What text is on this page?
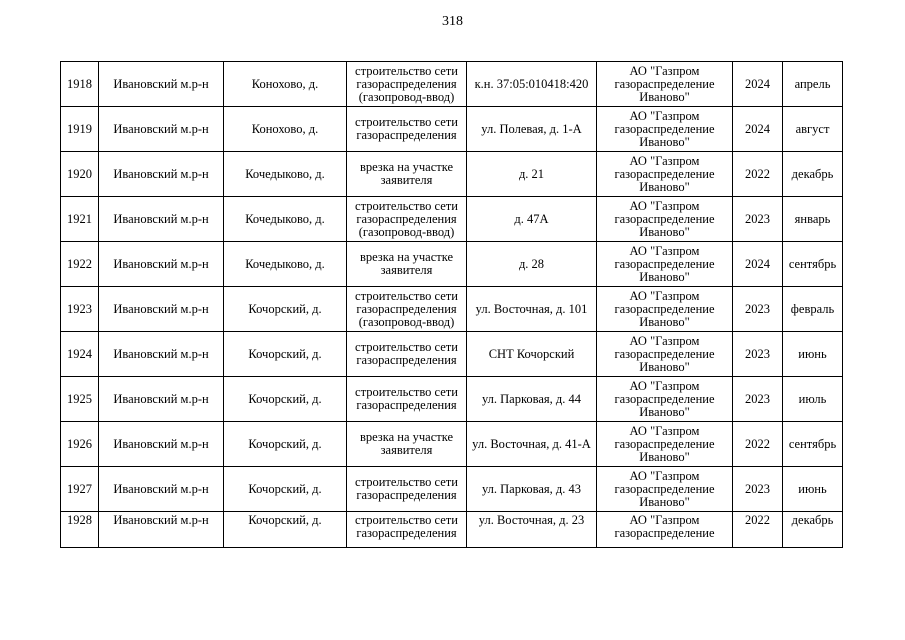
318
1918	Ивановский м.р-н	Конохово, д.	строительство сети газораспределения (газопровод-ввод)	к.н. 37:05:010418:420	АО "Газпром газораспределение Иваново"	2024	апрель
1919	Ивановский м.р-н	Конохово, д.	строительство сети газораспределения	ул. Полевая, д. 1-А	АО "Газпром газораспределение Иваново"	2024	август
1920	Ивановский м.р-н	Кочедыково, д.	врезка на участке заявителя	д. 21	АО "Газпром газораспределение Иваново"	2022	декабрь
1921	Ивановский м.р-н	Кочедыково, д.	строительство сети газораспределения (газопровод-ввод)	д. 47А	АО "Газпром газораспределение Иваново"	2023	январь
1922	Ивановский м.р-н	Кочедыково, д.	врезка на участке заявителя	д. 28	АО "Газпром газораспределение Иваново"	2024	сентябрь
1923	Ивановский м.р-н	Кочорский, д.	строительство сети газораспределения (газопровод-ввод)	ул. Восточная, д. 101	АО "Газпром газораспределение Иваново"	2023	февраль
1924	Ивановский м.р-н	Кочорский, д.	строительство сети газораспределения	СНТ Кочорский	АО "Газпром газораспределение Иваново"	2023	июнь
1925	Ивановский м.р-н	Кочорский, д.	строительство сети газораспределения	ул. Парковая, д. 44	АО "Газпром газораспределение Иваново"	2023	июль
1926	Ивановский м.р-н	Кочорский, д.	врезка на участке заявителя	ул. Восточная, д. 41-А	АО "Газпром газораспределение Иваново"	2022	сентябрь
1927	Ивановский м.р-н	Кочорский, д.	строительство сети газораспределения	ул. Парковая, д. 43	АО "Газпром газораспределение Иваново"	2023	июнь
1928	Ивановский м.р-н	Кочорский, д.	строительство сети газораспределения	ул. Восточная, д. 23	АО "Газпром газораспределение	2022	декабрь
